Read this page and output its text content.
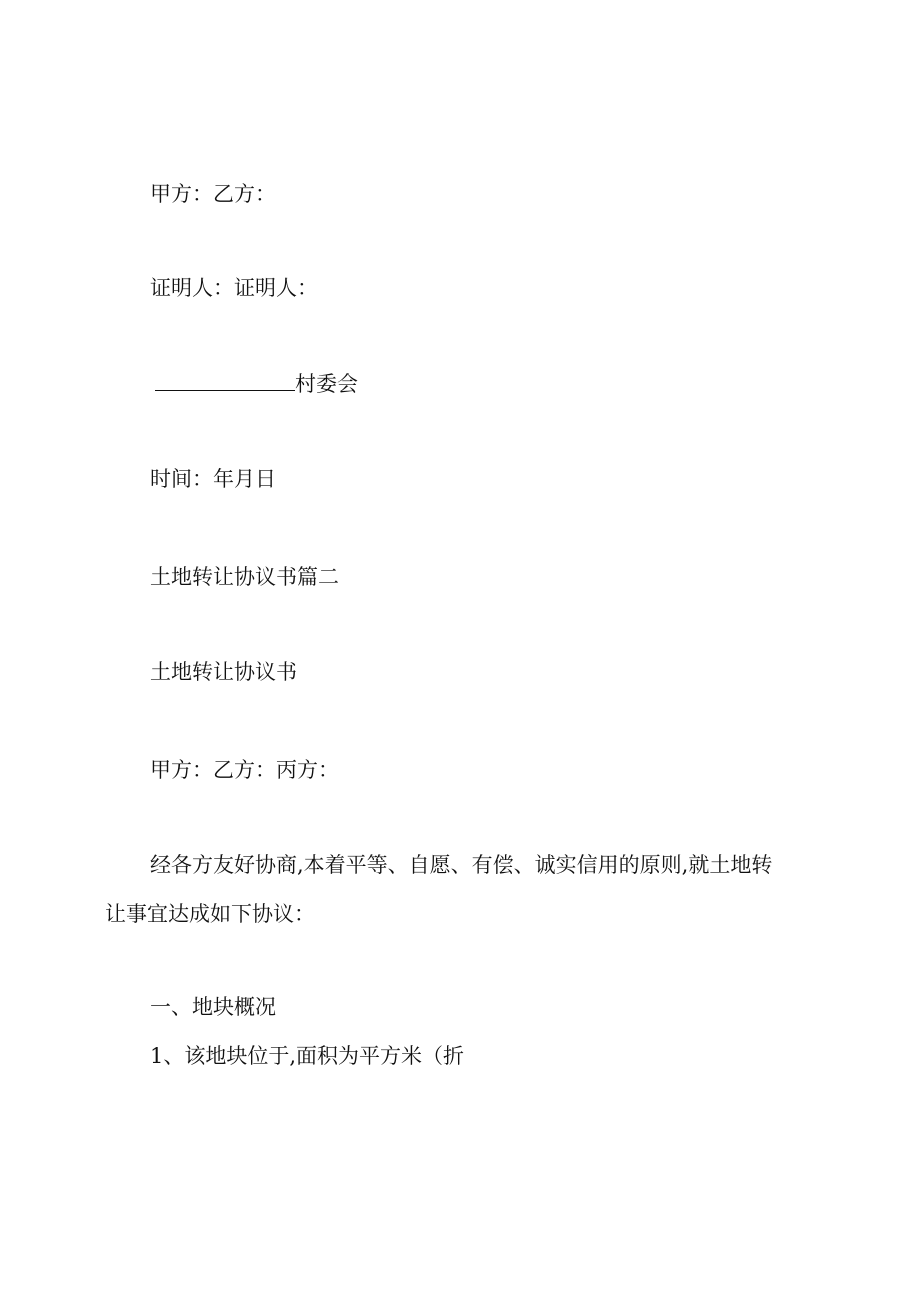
甲方：乙方：
证明人：证明人：
村委会
时间：年月日
土地转让协议书篇二
土地转让协议书
甲方：乙方：丙方：
经各方友好协商,本着平等、自愿、有偿、诚实信用的原则,就土地转
让事宜达成如下协议：
一、地块概况
1、该地块位于,面积为平方米（折
